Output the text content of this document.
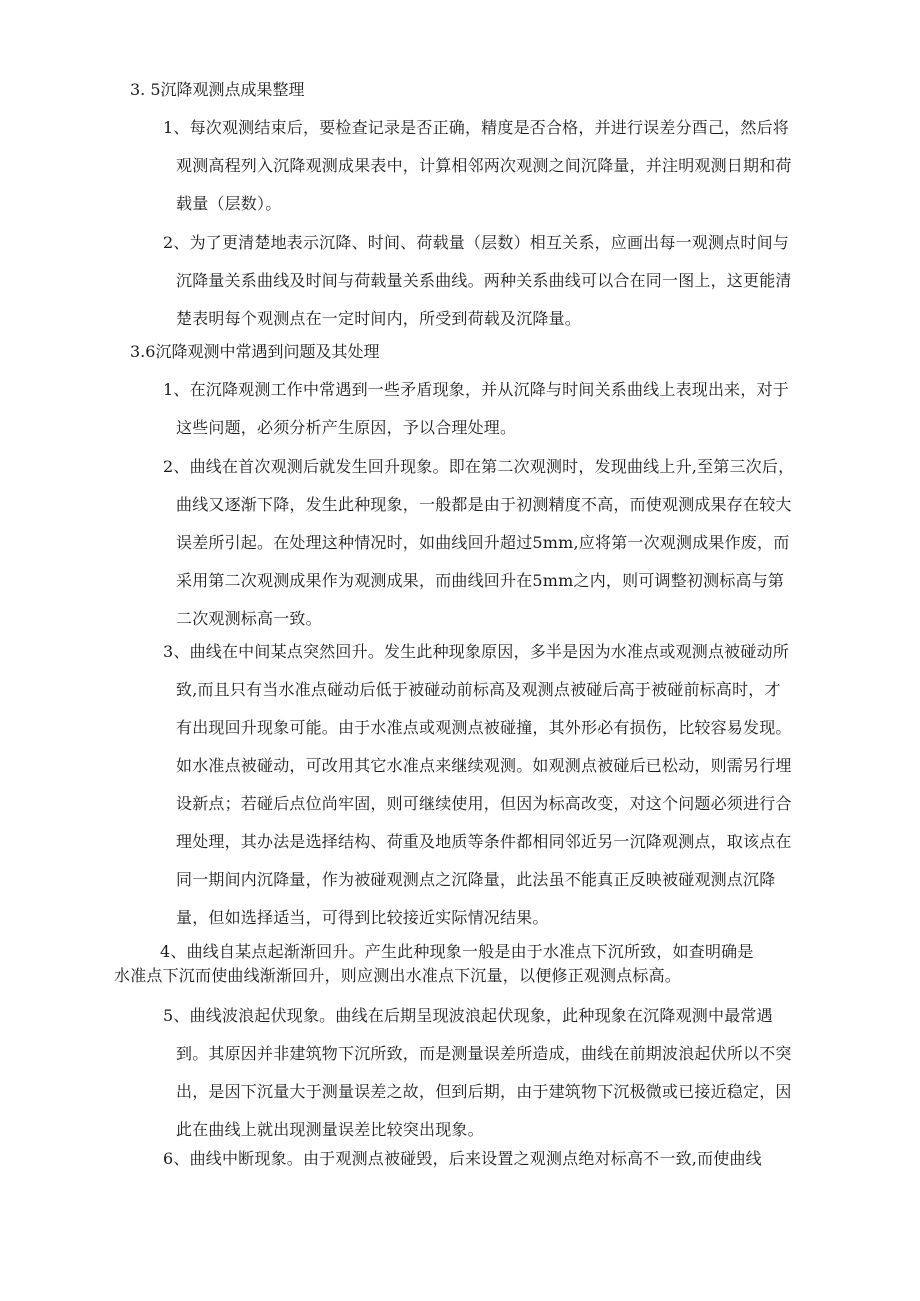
3. 5沉降观测点成果整理
1、每次观测结束后，要检查记录是否正确，精度是否合格，并进行误差分酉己，然后将观测高程列入沉降观测成果表中，计算相邻两次观测之间沉降量，并注明观测日期和荷载量（层数）。
2、为了更清楚地表示沉降、时间、荷载量（层数）相互关系，应画出每一观测点时间与沉降量关系曲线及时间与荷载量关系曲线。两种关系曲线可以合在同一图上，这更能清楚表明每个观测点在一定时间内，所受到荷载及沉降量。
3.6沉降观测中常遇到问题及其处理
1、在沉降观测工作中常遇到一些矛盾现象，并从沉降与时间关系曲线上表现出来，对于这些问题，必须分析产生原因，予以合理处理。
2、曲线在首次观测后就发生回升现象。即在第二次观测时，发现曲线上升,至第三次后，曲线又逐渐下降，发生此种现象，一般都是由于初测精度不高，而使观测成果存在较大误差所引起。在处理这种情况时，如曲线回升超过5mm,应将第一次观测成果作废，而采用第二次观测成果作为观测成果，而曲线回升在5mm之内，则可调整初测标高与第二次观测标高一致。
3、曲线在中间某点突然回升。发生此种现象原因，多半是因为水准点或观测点被碰动所致,而且只有当水准点碰动后低于被碰动前标高及观测点被碰后高于被碰前标高时，才有出现回升现象可能。由于水准点或观测点被碰撞，其外形必有损伤，比较容易发现。如水准点被碰动，可改用其它水准点来继续观测。如观测点被碰后已松动，则需另行埋设新点；若碰后点位尚牢固，则可继续使用，但因为标高改变，对这个问题必须进行合理处理，其办法是选择结构、荷重及地质等条件都相同邻近另一沉降观测点，取该点在同一期间内沉降量，作为被碰观测点之沉降量，此法虽不能真正反映被碰观测点沉降量，但如选择适当，可得到比较接近实际情况结果。
4、曲线自某点起渐渐回升。产生此种现象一般是由于水准点下沉所致，如查明确是
水准点下沉而使曲线渐渐回升，则应测出水准点下沉量，以便修正观测点标高。
5、曲线波浪起伏现象。曲线在后期呈现波浪起伏现象，此种现象在沉降观测中最常遇到。其原因并非建筑物下沉所致，而是测量误差所造成，曲线在前期波浪起伏所以不突出，是因下沉量大于测量误差之故，但到后期，由于建筑物下沉极微或已接近稳定，因此在曲线上就出现测量误差比较突出现象。
6、曲线中断现象。由于观测点被碰毁，后来设置之观测点绝对标高不一致,而使曲线
